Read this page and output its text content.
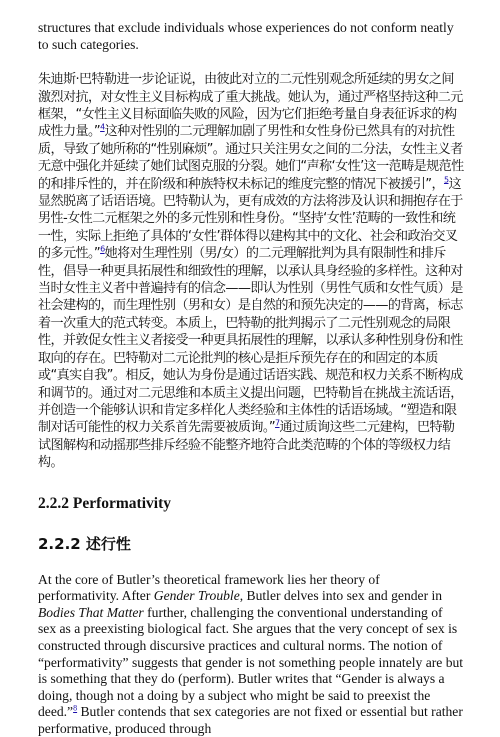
structures that exclude individuals whose experiences do not conform neatly to such categories.

朱迪斯·巴特勒进一步论证说，由彼此对立的二元性别观念所延续的男女之间激烈对抗，对女性主义目标构成了重大挑战。她认为，通过严格坚持这种二元框架，“女性主义目标面临失败的风险，因为它们拒绝考量自身表征诉求的构成性力量。”$^4$这种对性别的二元理解加剧了男性和女性身份已然具有的对抗性质，导致了她所称的“性别麻烦”。通过只关注男女之间的二分法，女性主义者无意中强化并延续了她们试图克服的分裂。她们“声称‘女性’这一范畴是规范性的和排斥性的，并在阶级和种族特权未标记的维度完整的情况下被援引”，$^5$这显然脱离了话语语境。巴特勒认为，更有成效的方法将涉及认识和拥抱存在于男性-女性二元框架之外的多元性别和性身份。“坚持‘女性’范畴的一致性和统一性，实际上拒绝了具体的‘女性’群体得以建构其中的文化、社会和政治交叉的多元性。”$^6$她将对生理性别（男/女）的二元理解批判为具有限制性和排斥性，倡导一种更具拓展性和细致性的理解，以承认具身经验的多样性。这种对当时女性主义者中普遍持有的信念——即认为性别（男性气质和女性气质）是社会建构的，而生理性别（男和女）是自然的和预先决定的——的背离，标志着一次重大的范式转变。本质上，巴特勒的批判揭示了二元性别观念的局限性，并敦促女性主义者接受一种更具拓展性的理解，以承认多种性别身份和性取向的存在。巴特勒对二元论批判的核心是拒斥预先存在的和固定的本质或“真实自我”。相反，她认为身份是通过话语实践、规范和权力关系不断构成和调节的。通过对二元思维和本质主义提出问题，巴特勒旨在挑战主流话语，并创造一个能够认识和肯定多样化人类经验和主体性的话语场域。“塑造和限制对话可能性的权力关系首先需要被质询。”$^7$通过质询这些二元建构，巴特勒试图解构和动摇那些排斥经验不能整齐地符合此类范畴的个体的等级权力结构。

2.2.2 Performativity
2.2.2 述行性

At the core of Butler’s theoretical framework lies her theory of performativity. After Gender Trouble, Butler delves into sex and gender in Bodies That Matter further, challenging the conventional understanding of sex as a preexisting biological fact. She argues that the very concept of sex is constructed through discursive practices and cultural norms. The notion of “performativity” suggests that gender is not something people innately are but is something that they do (perform). Butler writes that “Gender is always a doing, though not a doing by a subject who might be said to preexist the deed.”$^8$ Butler contends that sex categories are not fixed or essential but rather performative, produced through
